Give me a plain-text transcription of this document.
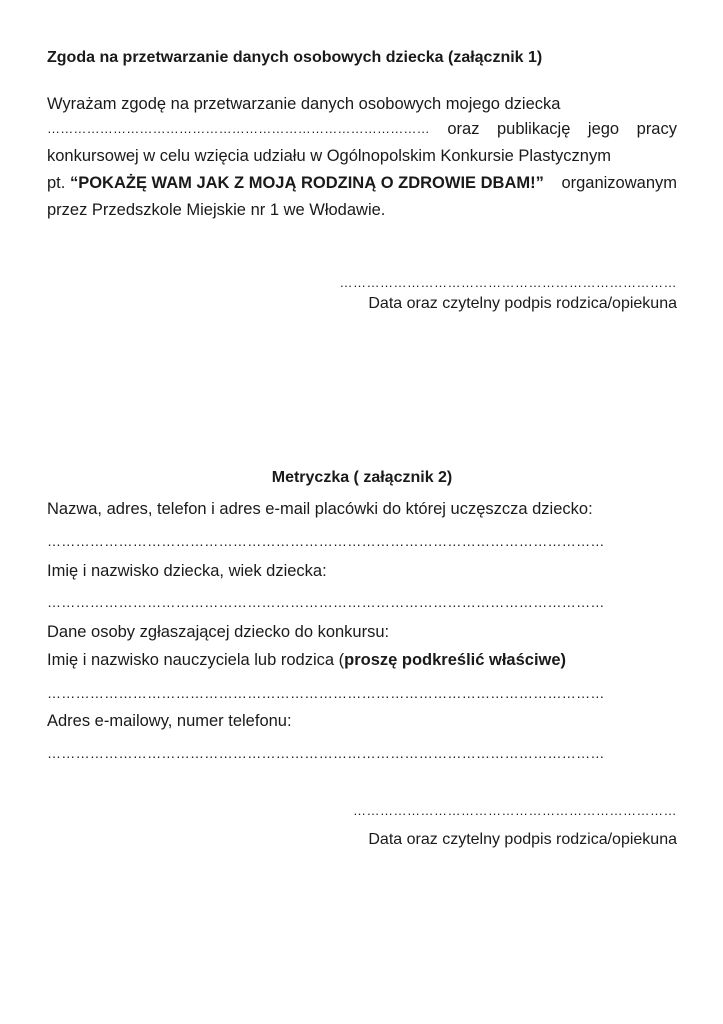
Zgoda na przetwarzanie danych osobowych dziecka (załącznik 1)
Wyrażam zgodę na przetwarzanie danych osobowych mojego dziecka
…………………………………………………………………………… oraz publikację jego pracy
konkursowej w celu wzięcia udziału w Ogólnopolskim Konkursie Plastycznym
pt. “POKAŻĘ WAM JAK Z MOJĄ RODZINĄ O ZDROWIE DBAM!” organizowanym
przez Przedszkole Miejskie nr 1 we Włodawie.
…………………………………………………………………
Data oraz czytelny podpis rodzica/opiekuna
Metryczka ( załącznik 2)
Nazwa, adres, telefon i adres e-mail placówki do której uczęszcza dziecko:
………………………………………………………………………………………………………
Imię i nazwisko dziecka, wiek dziecka:
………………………………………………………………………………………………………
Dane osoby zgłaszającej dziecko do konkursu:
Imię i nazwisko nauczyciela lub rodzica (proszę podkreślić właściwe)
………………………………………………………………………………………………………
Adres e-mailowy, numer telefonu:
………………………………………………………………………………………………………
………………………………………………………………
Data oraz czytelny podpis rodzica/opiekuna
